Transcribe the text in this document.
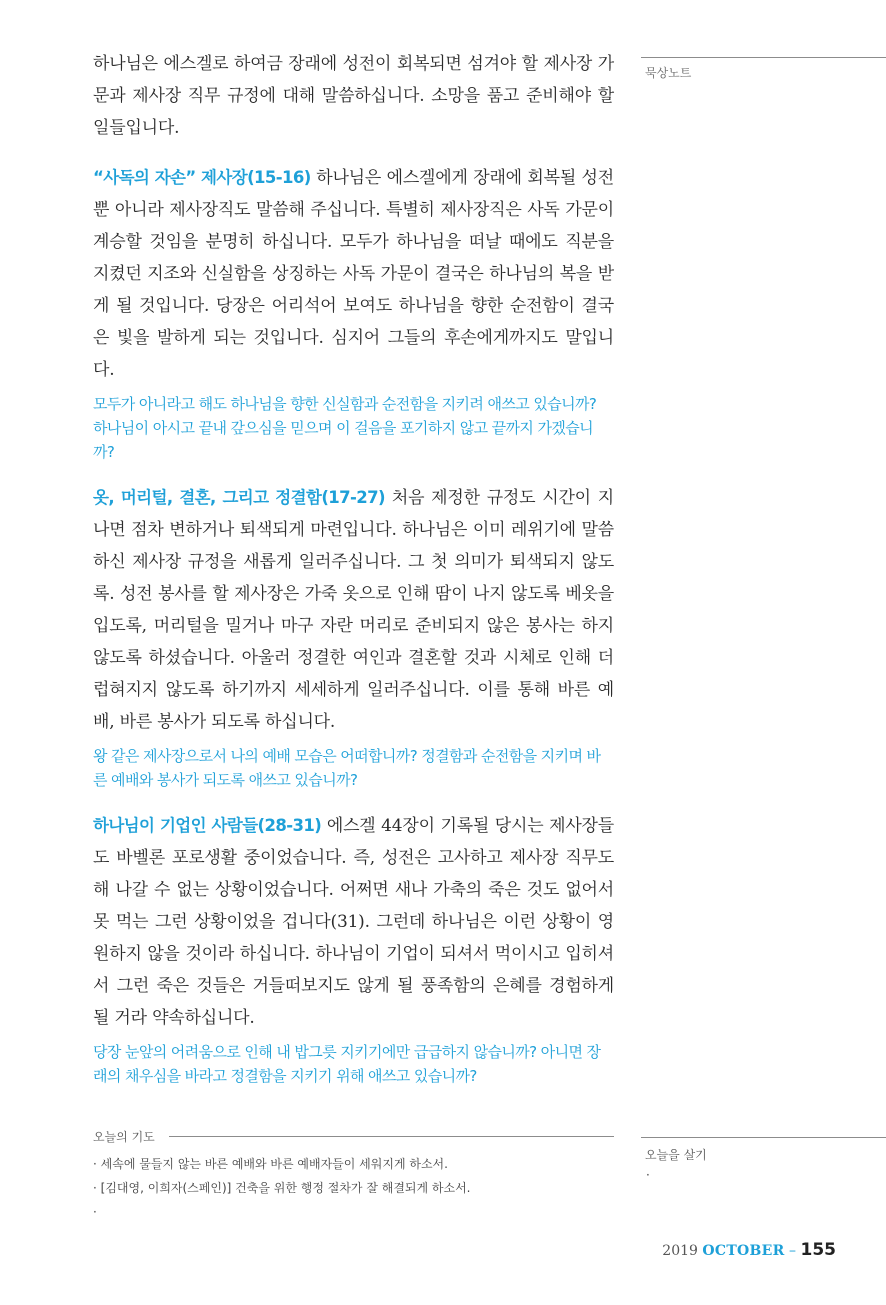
하나님은 에스겔로 하여금 장래에 성전이 회복되면 섬겨야 할 제사장 가문과 제사장 직무 규정에 대해 말씀하십니다. 소망을 품고 준비해야 할 일들입니다.

“사독의 자손” 제사장(15-16) 하나님은 에스겔에게 장래에 회복될 성전 뿐 아니라 제사장직도 말씀해 주십니다. 특별히 제사장직은 사독 가문이 계승할 것임을 분명히 하십니다. 모두가 하나님을 떠날 때에도 직분을 지켰던 지조와 신실함을 상징하는 사독 가문이 결국은 하나님의 복을 받게 될 것입니다. 당장은 어리석어 보여도 하나님을 향한 순전함이 결국은 빛을 발하게 되는 것입니다. 심지어 그들의 후손에게까지도 말입니다.

모두가 아니라고 해도 하나님을 향한 신실함과 순전함을 지키려 애쓰고 있습니까? 하나님이 아시고 끝내 갚으심을 믿으며 이 걸음을 포기하지 않고 끝까지 가겠습니까?

옷, 머리털, 결혼, 그리고 정결함(17-27) 처음 제정한 규정도 시간이 지나면 점차 변하거나 퇴색되게 마련입니다. 하나님은 이미 레위기에 말씀하신 제사장 규정을 새롭게 일러주십니다. 그 첫 의미가 퇴색되지 않도록. 성전 봉사를 할 제사장은 가죽 옷으로 인해 땀이 나지 않도록 베옷을 입도록, 머리털을 밀거나 마구 자란 머리로 준비되지 않은 봉사는 하지 않도록 하셨습니다. 아울러 정결한 여인과 결혼할 것과 시체로 인해 더럽혀지지 않도록 하기까지 세세하게 일러주십니다. 이를 통해 바른 예배, 바른 봉사가 되도록 하십니다.

왕 같은 제사장으로서 나의 예배 모습은 어떠합니까? 정결함과 순전함을 지키며 바른 예배와 봉사가 되도록 애쓰고 있습니까?

하나님이 기업인 사람들(28-31) 에스겔 44장이 기록될 당시는 제사장들도 바벨론 포로생활 중이었습니다. 즉, 성전은 고사하고 제사장 직무도 해 나갈 수 없는 상황이었습니다. 어쩌면 새나 가축의 죽은 것도 없어서 못 먹는 그런 상황이었을 겁니다(31). 그런데 하나님은 이런 상황이 영원하지 않을 것이라 하십니다. 하나님이 기업이 되셔서 먹이시고 입히셔서 그런 죽은 것들은 거들떠보지도 않게 될 풍족함의 은혜를 경험하게 될 거라 약속하십니다.

당장 눈앞의 어려움으로 인해 내 밥그릇 지키기에만 급급하지 않습니까? 아니면 장래의 채우심을 바라고 정결함을 지키기 위해 애쓰고 있습니까?

묵상노트
오늘의 기도
· 세속에 물들지 않는 바른 예배와 바른 예배자들이 세워지게 하소서.
· [김대영, 이희자(스페인)] 건축을 위한 행정 절차가 잘 해결되게 하소서.
·
오늘을 살기
·
2019 OCTOBER – 155
